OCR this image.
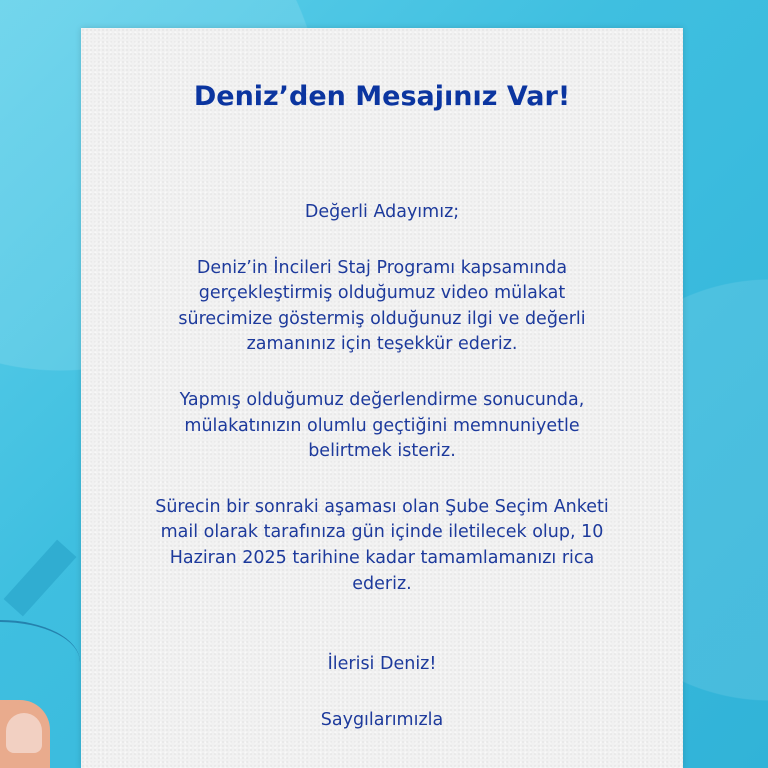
Deniz’den Mesajınız Var!

Değerli Adayımız;

Deniz’in İncileri Staj Programı kapsamında

gerçekleştirmiş olduğumuz video mülakat

sürecimize göstermiş olduğunuz ilgi ve değerli

zamanınız için teşekkür ederiz.

Yapmış olduğumuz değerlendirme sonucunda,

mülakatınızın olumlu geçtiğini memnuniyetle

belirtmek isteriz.

Sürecin bir sonraki aşaması olan Şube Seçim Anketi

mail olarak tarafınıza gün içinde iletilecek olup, 10

Haziran 2025 tarihine kadar tamamlamanızı rica

ederiz.

İlerisi Deniz!

Saygılarımızla
